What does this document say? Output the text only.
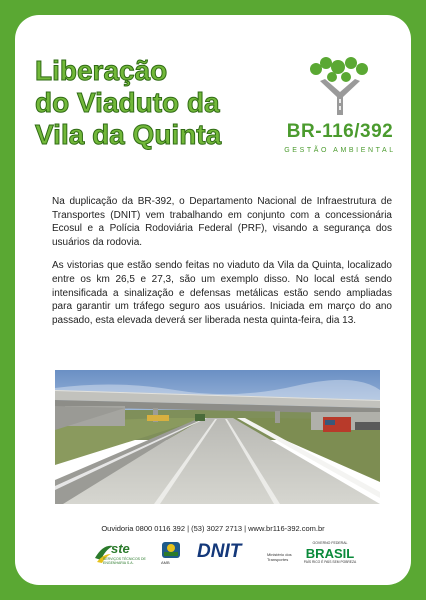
Liberação
do Viaduto da
Vila da Quinta	BR-116/392
GESTÃO AMBIENTAL

Na duplicação da BR-392, o Departamento Nacional de Infraestrutura de Transportes (DNIT) vem trabalhando em conjunto com a concessionária Ecosul e a Polícia Rodoviária Federal (PRF), visando a segurança dos usuários da rodovia.

As vistorias que estão sendo feitas no viaduto da Vila da Quinta, localizado entre os km 26,5 e 27,3, são um exemplo disso. No local está sendo intensificada a sinalização e defensas metálicas estão sendo ampliadas para garantir um tráfego seguro aos usuários. Iniciada em março do ano passado, esta elevada deverá ser liberada nesta quinta-feira, dia 13.

Ouvidoria 0800 0116 392 | (53) 3027 2713 | www.br116-392.com.br
ste
SERVIÇOS TÉCNICOS DE ENGENHARIA S.A.	AMB
DNIT	Ministério dos
Transportes
GOVERNO FEDERAL
BRASIL
PAÍS RICO É PAÍS SEM POBREZA
